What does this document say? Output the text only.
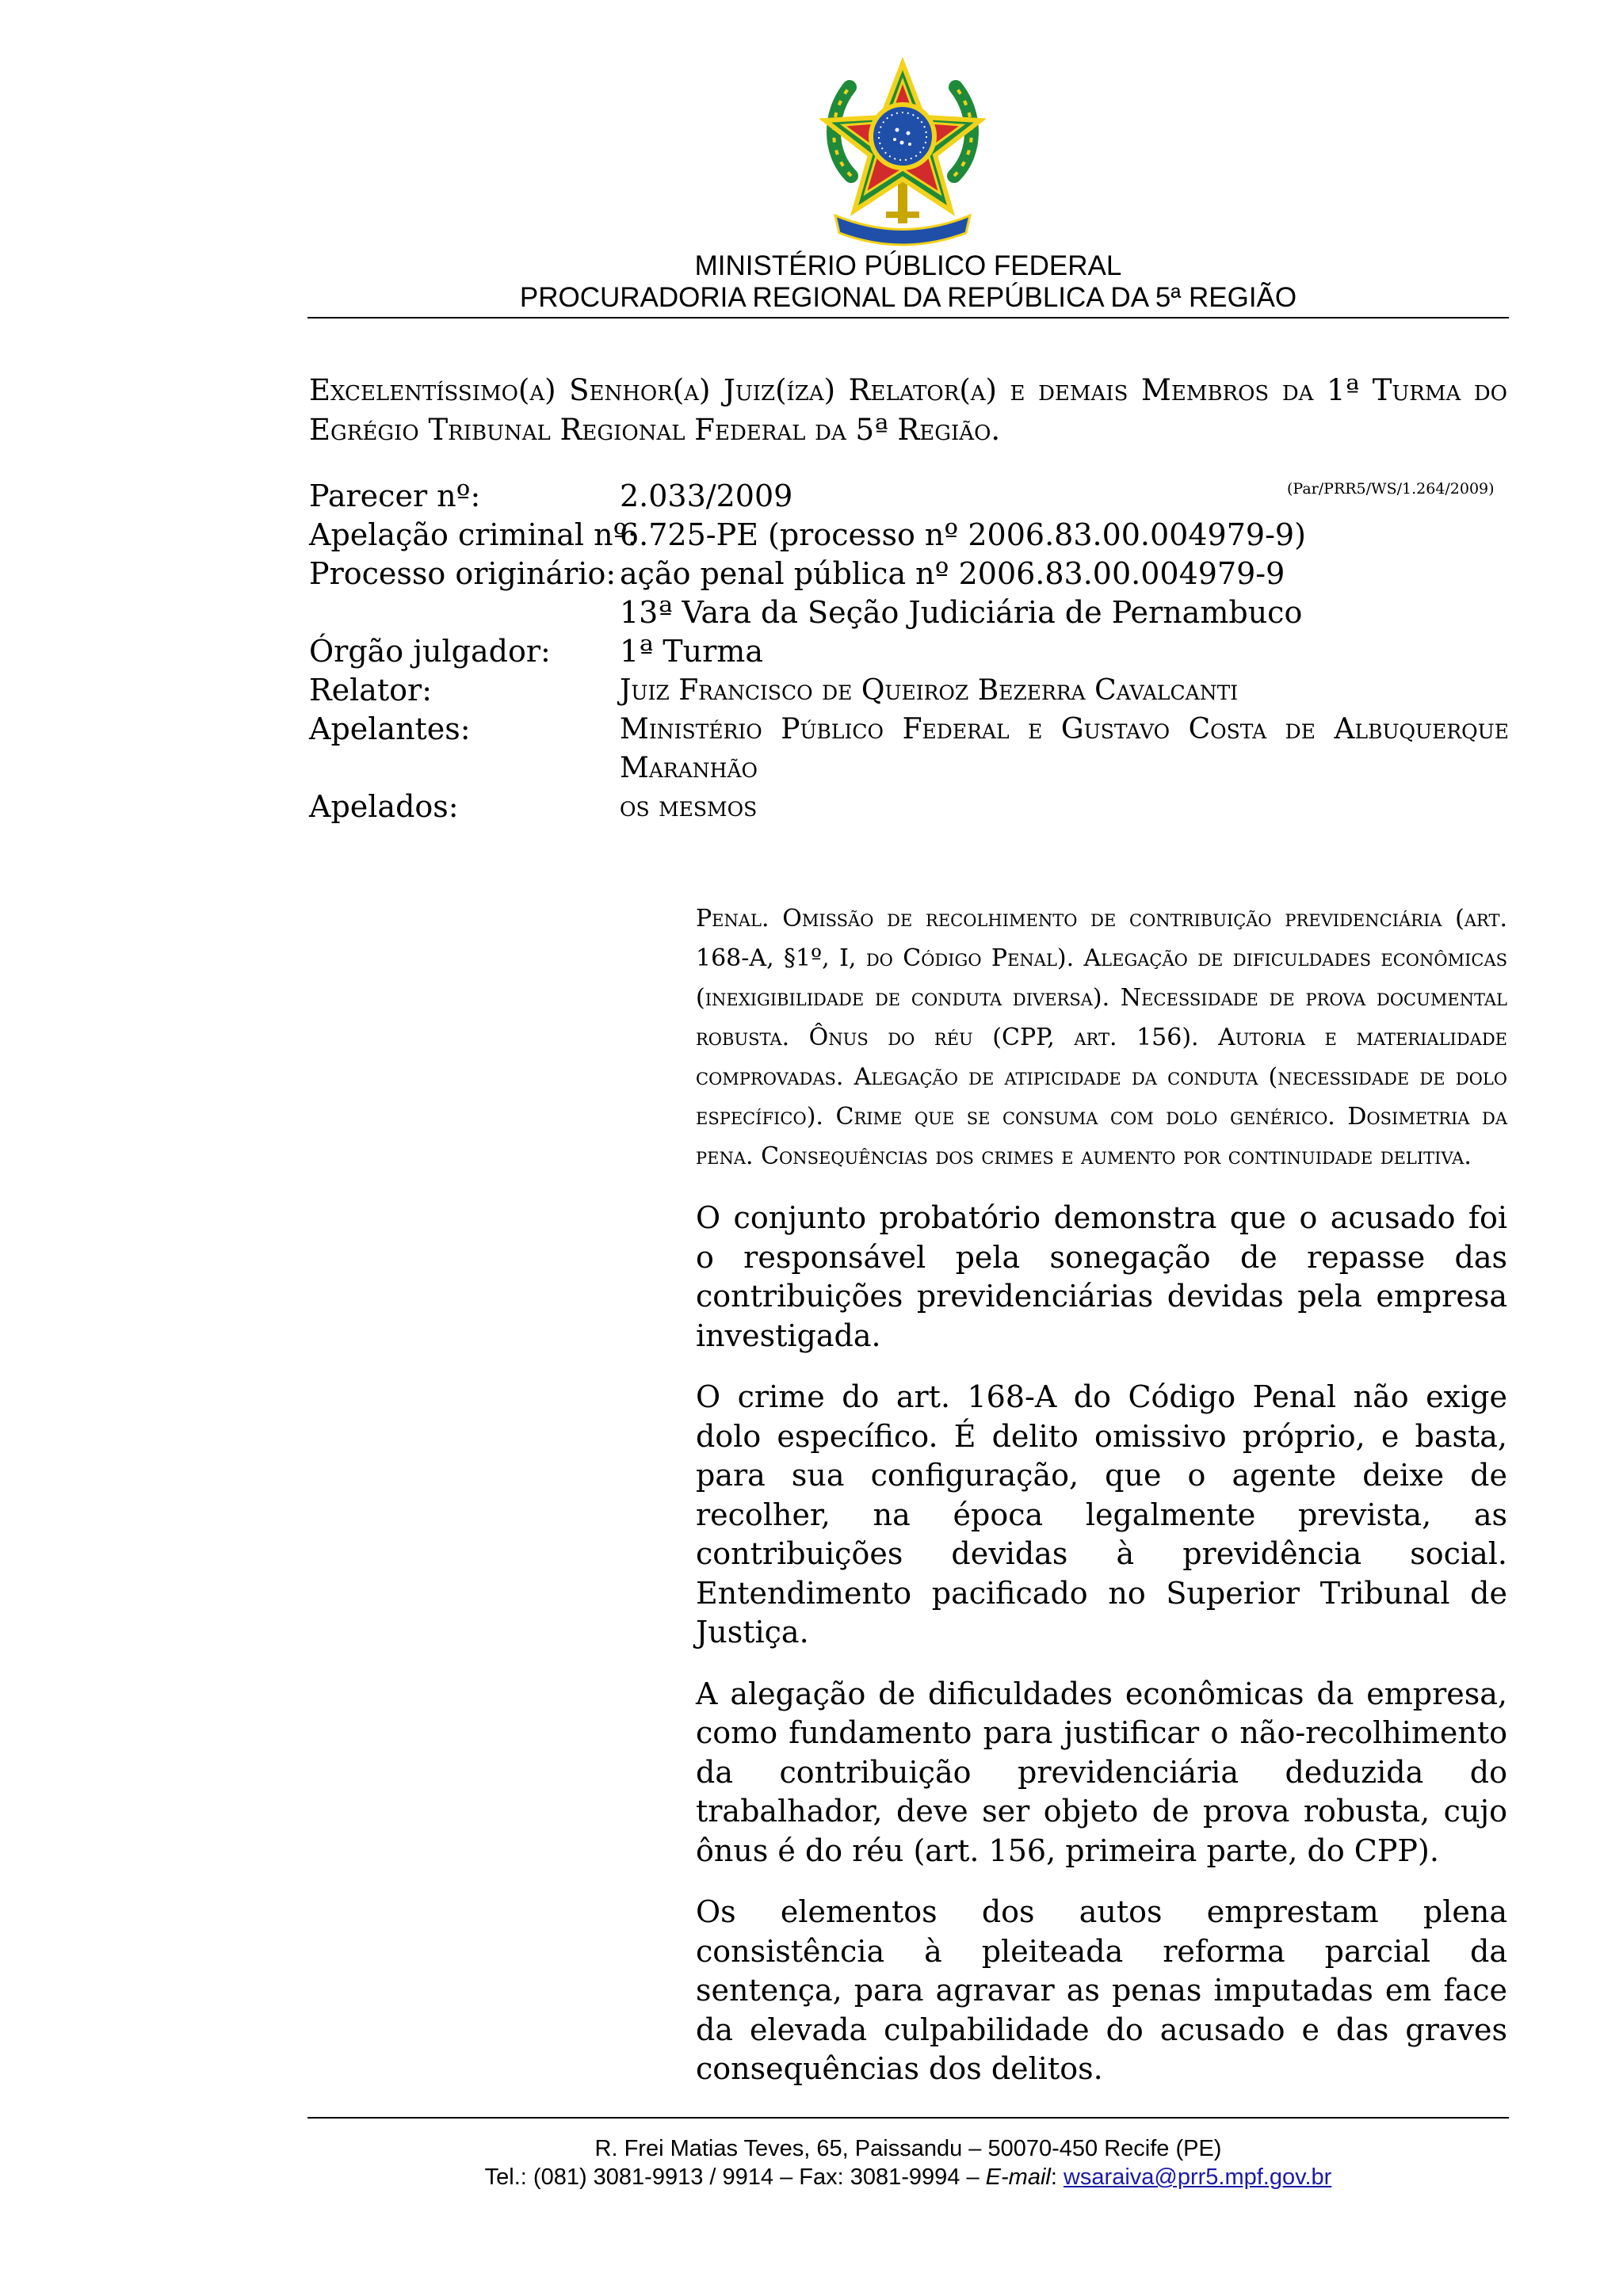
MINISTÉRIO PÚBLICO FEDERAL
PROCURADORIA REGIONAL DA REPÚBLICA DA 5ª REGIÃO
Excelentíssimo(a) Senhor(a) Juiz(íza) Relator(a) e demais Membros da 1ª Turma do Egrégio Tribunal Regional Federal da 5ª Região.
(Par/PRR5/WS/1.264/2009)
Parecer nº:	2.033/2009
Apelação criminal nº:
6.725-PE (processo nº 2006.83.00.004979-9)
Processo originário: ação penal pública nº 2006.83.00.004979-9
13ª Vara da Seção Judiciária de Pernambuco
Órgão julgador: 1ª Turma
Relator:	Juiz Francisco de Queiroz Bezerra Cavalcanti
Apelantes:	Ministério Público Federal e Gustavo Costa de Albuquerque Maranhão
Apelados:	os mesmos
Penal. Omissão de recolhimento de contribuição previdenciária (art. 168-A, §1º, I, do Código Penal). Alegação de dificuldades econômicas (inexigibilidade de conduta diversa). Necessidade de prova documental robusta. Ônus do réu (CPP, art. 156). Autoria e materialidade comprovadas. Alegação de atipicidade da conduta (necessidade de dolo específico). Crime que se consuma com dolo genérico. Dosimetria da pena. Consequências dos crimes e aumento por continuidade delitiva.

O conjunto probatório demonstra que o acusado foi o responsável pela sonegação de repasse das contribuições previdenciárias devidas pela empresa investigada.

O crime do art. 168-A do Código Penal não exige dolo específico. É delito omissivo próprio, e basta, para sua configuração, que o agente deixe de recolher, na época legalmente prevista, as contribuições devidas à previdência social. Entendimento pacificado no Superior Tribunal de Justiça.

A alegação de dificuldades econômicas da empresa, como fundamento para justificar o não-recolhimento da contribuição previdenciária deduzida do trabalhador, deve ser objeto de prova robusta, cujo ônus é do réu (art. 156, primeira parte, do CPP).

Os elementos dos autos emprestam plena consistência à pleiteada reforma parcial da sentença, para agravar as penas imputadas em face da elevada culpabilidade do acusado e das graves consequências dos delitos.

R. Frei Matias Teves, 65, Paissandu – 50070-450 Recife (PE)
Tel.: (081) 3081-9913 / 9914 – Fax: 3081-9994 – E-mail: wsaraiva@prr5.mpf.gov.br
